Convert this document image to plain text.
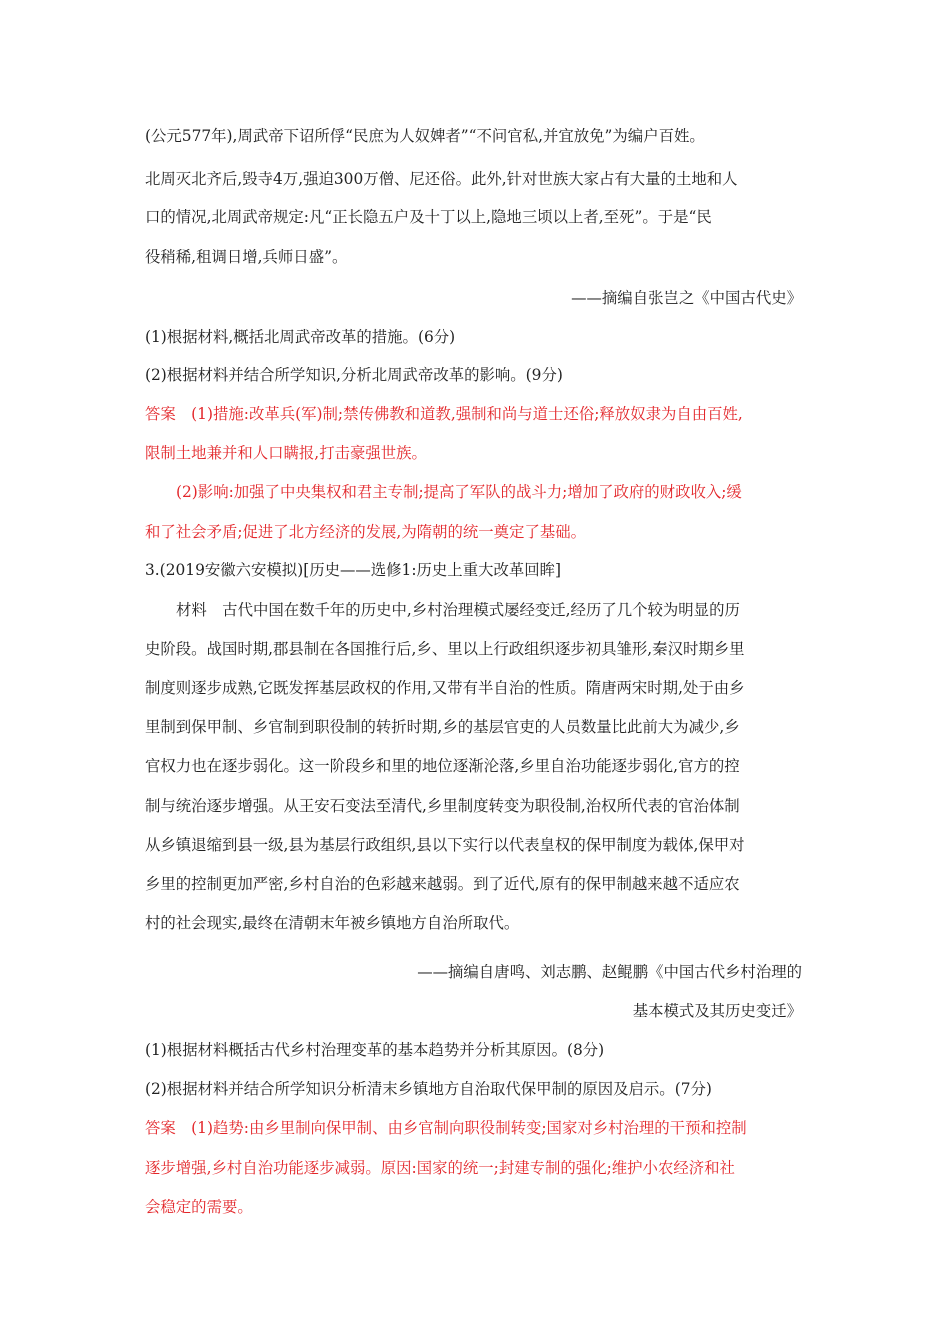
(公元577年),周武帝下诏所俘“民庶为人奴婢者”“不问官私,并宜放免”为编户百姓。
北周灭北齐后,毁寺4万,强迫300万僧、尼还俗。此外,针对世族大家占有大量的土地和人
口的情况,北周武帝规定:凡“正长隐五户及十丁以上,隐地三顷以上者,至死”。于是“民
役稍稀,租调日增,兵师日盛”。
——摘编自张岂之《中国古代史》
(1)根据材料,概括北周武帝改革的措施。(6分)
(2)根据材料并结合所学知识,分析北周武帝改革的影响。(9分)
答案　(1)措施:改革兵(军)制;禁传佛教和道教,强制和尚与道士还俗;释放奴隶为自由百姓,
限制土地兼并和人口瞒报,打击豪强世族。
(2)影响:加强了中央集权和君主专制;提高了军队的战斗力;增加了政府的财政收入;缓
和了社会矛盾;促进了北方经济的发展,为隋朝的统一奠定了基础。
3.(2019安徽六安模拟)[历史——选修1:历史上重大改革回眸]
材料　古代中国在数千年的历史中,乡村治理模式屡经变迁,经历了几个较为明显的历
史阶段。战国时期,郡县制在各国推行后,乡、里以上行政组织逐步初具雏形,秦汉时期乡里
制度则逐步成熟,它既发挥基层政权的作用,又带有半自治的性质。隋唐两宋时期,处于由乡
里制到保甲制、乡官制到职役制的转折时期,乡的基层官吏的人员数量比此前大为减少,乡
官权力也在逐步弱化。这一阶段乡和里的地位逐渐沦落,乡里自治功能逐步弱化,官方的控
制与统治逐步增强。从王安石变法至清代,乡里制度转变为职役制,治权所代表的官治体制
从乡镇退缩到县一级,县为基层行政组织,县以下实行以代表皇权的保甲制度为载体,保甲对
乡里的控制更加严密,乡村自治的色彩越来越弱。到了近代,原有的保甲制越来越不适应农
村的社会现实,最终在清朝末年被乡镇地方自治所取代。
——摘编自唐鸣、刘志鹏、赵鲲鹏《中国古代乡村治理的
基本模式及其历史变迁》
(1)根据材料概括古代乡村治理变革的基本趋势并分析其原因。(8分)
(2)根据材料并结合所学知识分析清末乡镇地方自治取代保甲制的原因及启示。(7分)
答案　(1)趋势:由乡里制向保甲制、由乡官制向职役制转变;国家对乡村治理的干预和控制
逐步增强,乡村自治功能逐步减弱。原因:国家的统一;封建专制的强化;维护小农经济和社
会稳定的需要。
